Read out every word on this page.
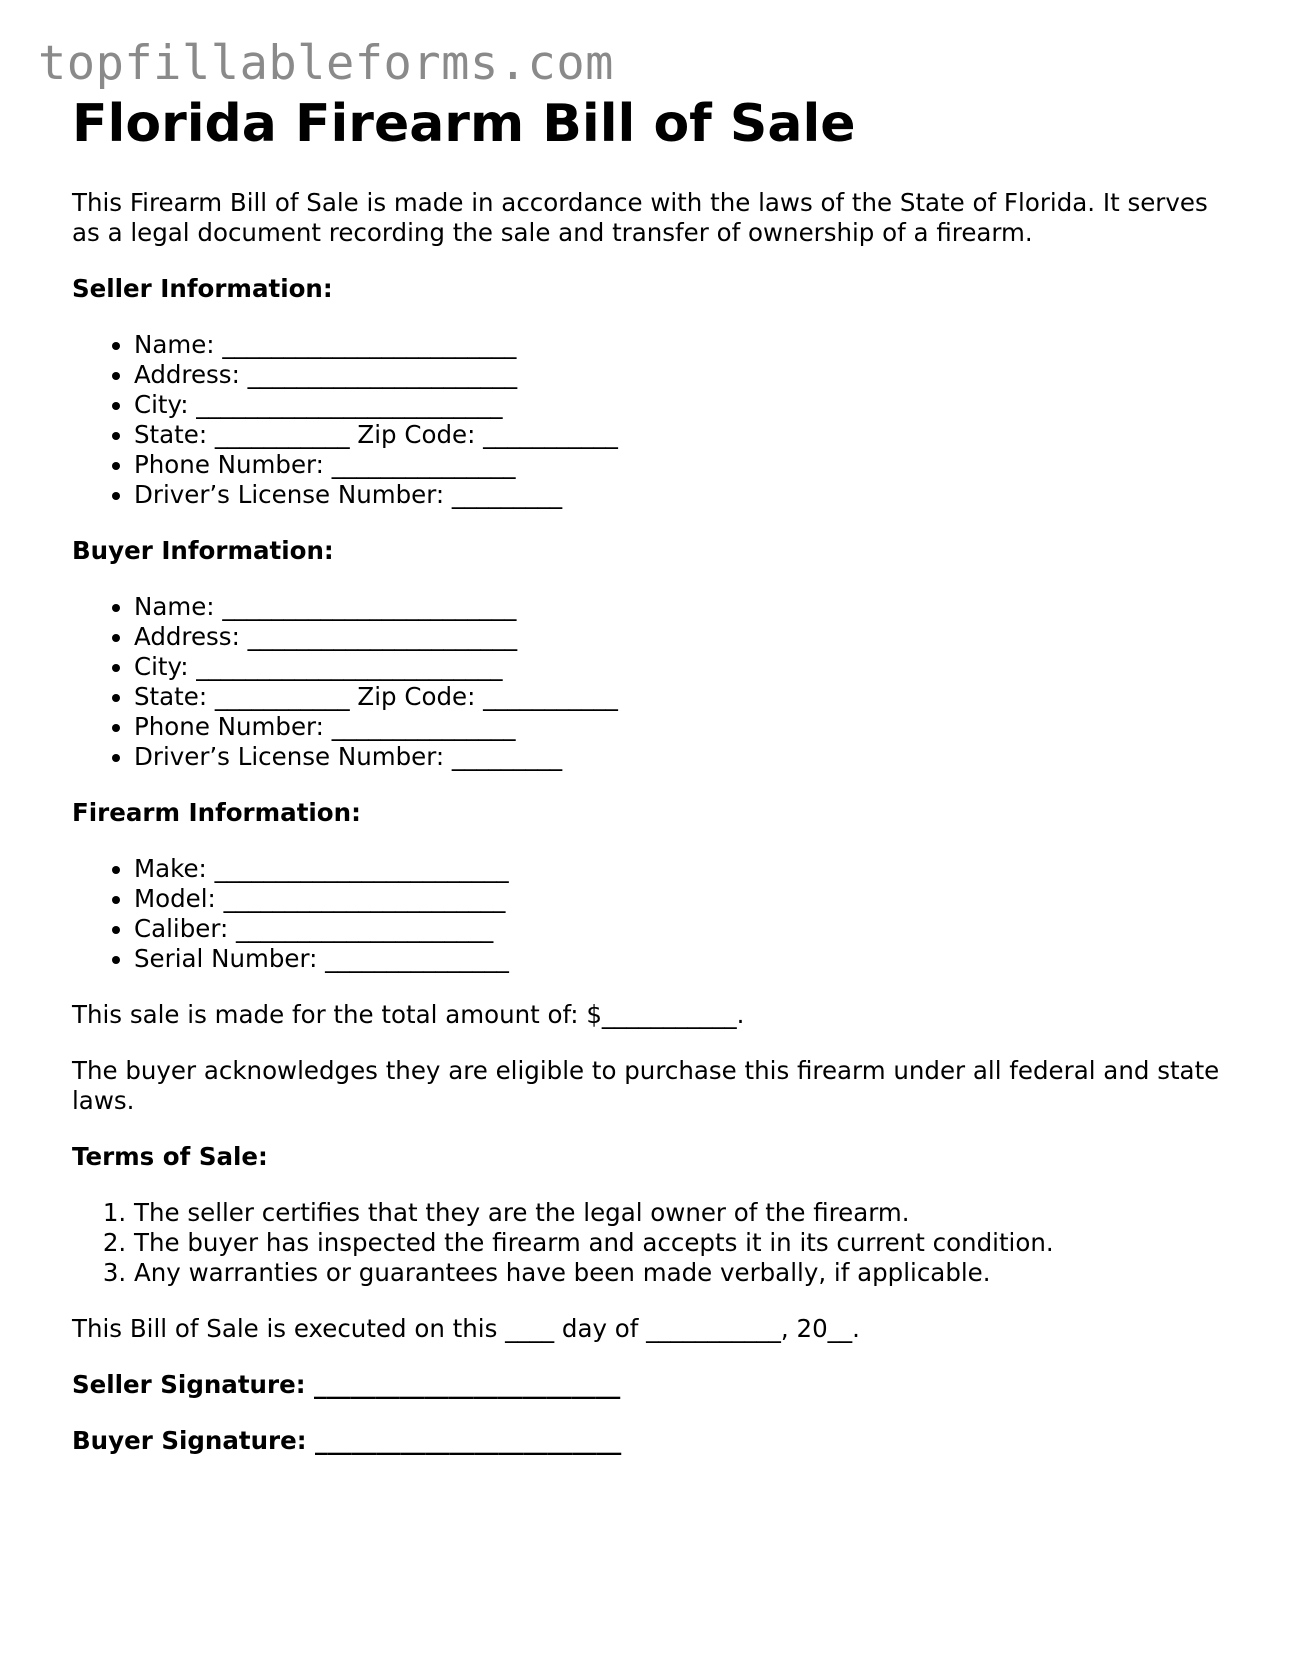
topfillableforms.com
Florida Firearm Bill of Sale

This Firearm Bill of Sale is made in accordance with the laws of the State of Florida. It serves as a legal document recording the sale and transfer of ownership of a firearm.

Seller Information:
• Name: ________________________
• Address: ______________________
• City: _________________________
• State: ___________ Zip Code: ___________
• Phone Number: _______________
• Driver’s License Number: _________
Buyer Information:
• Name: ________________________
• Address: ______________________
• City: _________________________
• State: ___________ Zip Code: ___________
• Phone Number: _______________
• Driver’s License Number: _________
Firearm Information:
• Make: ________________________
• Model: _______________________
• Caliber: _____________________
• Serial Number: _______________

This sale is made for the total amount of: $___________.

The buyer acknowledges they are eligible to purchase this firearm under all federal and state laws.

Terms of Sale:
1. The seller certifies that they are the legal owner of the firearm.
2. The buyer has inspected the firearm and accepts it in its current condition.
3. Any warranties or guarantees have been made verbally, if applicable.

This Bill of Sale is executed on this ____ day of ___________, 20__.

Seller Signature: _________________________

Buyer Signature: _________________________
